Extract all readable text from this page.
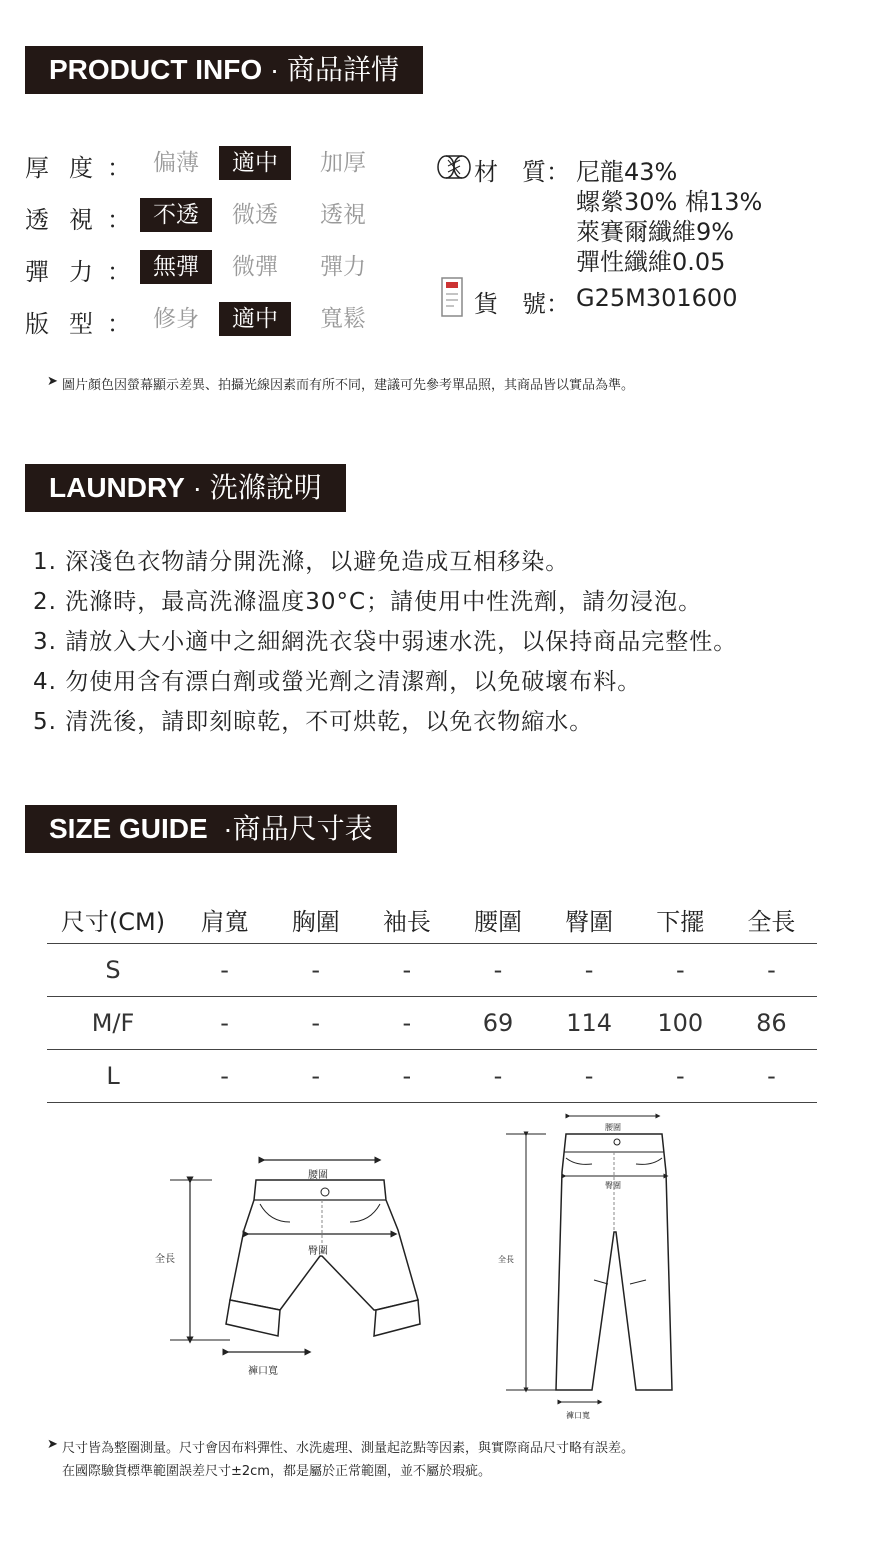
PRODUCT INFO · 商品詳情
厚度
： 偏薄	適中	加厚
透視
： 不透	微透	透視
彈力
： 無彈	微彈	彈力
版型
： 修身	適中	寬鬆
材　質： 尼龍43%
螺縈30% 棉13%
萊賽爾纖維9%
彈性纖維0.05
貨　號： G25M301600
➤ 圖片顏色因螢幕顯示差異、拍攝光線因素而有所不同，建議可先參考單品照，其商品皆以實品為準。
LAUNDRY · 洗滌說明
1. 深淺色衣物請分開洗滌，以避免造成互相移染。
2. 洗滌時，最高洗滌溫度30°C；請使用中性洗劑，請勿浸泡。
3. 請放入大小適中之細網洗衣袋中弱速水洗，以保持商品完整性。
4. 勿使用含有漂白劑或螢光劑之清潔劑，以免破壞布料。
5. 清洗後，請即刻晾乾，不可烘乾，以免衣物縮水。
SIZE GUIDE ·商品尺寸表
尺寸(CM)	肩寬	胸圍	袖長	腰圍	臀圍	下擺	全長
S	-	-	-	-	-	-	-
M/F	-	-	-	69	114	100	86
L	-	-	-	-	-	-	-
腰圍
臀圍
全長
褲口寬
腰圍
臀圍
全長
褲口寬
➤ 尺寸皆為整圈測量。尺寸會因布料彈性、水洗處理、測量起訖點等因素，與實際商品尺寸略有誤差。
在國際驗貨標準範圍誤差尺寸±2cm，都是屬於正常範圍，並不屬於瑕疵。
